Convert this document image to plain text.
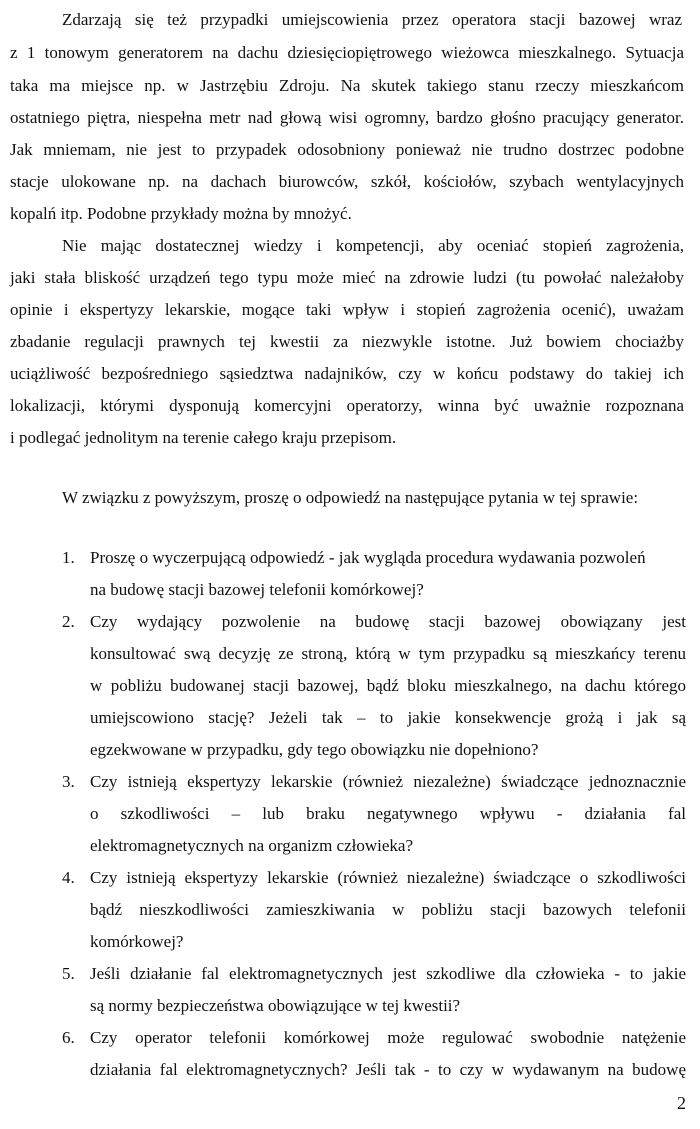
Zdarzają się też przypadki umiejscowienia przez operatora stacji bazowej wraz
z 1 tonowym generatorem na dachu dziesięciopiętrowego wieżowca mieszkalnego. Sytuacja
taka ma miejsce np. w Jastrzębiu Zdroju. Na skutek takiego stanu rzeczy mieszkańcom
ostatniego piętra, niespełna metr nad głową wisi ogromny, bardzo głośno pracujący generator.
Jak mniemam, nie jest to przypadek odosobniony ponieważ nie trudno dostrzec podobne
stacje ulokowane np. na dachach biurowców, szkół, kościołów, szybach wentylacyjnych
kopalń itp. Podobne przykłady można by mnożyć.
Nie mając dostatecznej wiedzy i kompetencji, aby oceniać stopień zagrożenia,
jaki stała bliskość urządzeń tego typu może mieć na zdrowie ludzi (tu powołać należałoby
opinie i ekspertyzy lekarskie, mogące taki wpływ i stopień zagrożenia ocenić), uważam
zbadanie regulacji prawnych tej kwestii za niezwykle istotne. Już bowiem chociażby
uciążliwość bezpośredniego sąsiedztwa nadajników, czy w końcu podstawy do takiej ich
lokalizacji, którymi dysponują komercyjni operatorzy, winna być uważnie rozpoznana
i podlegać jednolitym na terenie całego kraju przepisom.
W związku z powyższym, proszę o odpowiedź na następujące pytania w tej sprawie:
1. Proszę o wyczerpującą odpowiedź - jak wygląda procedura wydawania pozwoleń
na budowę stacji bazowej telefonii komórkowej?
2. Czy wydający pozwolenie na budowę stacji bazowej obowiązany jest
konsultować swą decyzję ze stroną, którą w tym przypadku są mieszkańcy terenu
w pobliżu budowanej stacji bazowej, bądź bloku mieszkalnego, na dachu którego
umiejscowiono stację? Jeżeli tak – to jakie konsekwencje grożą i jak są
egzekwowane w przypadku, gdy tego obowiązku nie dopełniono?
3. Czy istnieją ekspertyzy lekarskie (również niezależne) świadczące jednoznacznie
o szkodliwości – lub braku negatywnego wpływu - działania fal
elektromagnetycznych na organizm człowieka?
4. Czy istnieją ekspertyzy lekarskie (również niezależne) świadczące o szkodliwości
bądź nieszkodliwości zamieszkiwania w pobliżu stacji bazowych telefonii
komórkowej?
5. Jeśli działanie fal elektromagnetycznych jest szkodliwe dla człowieka - to jakie
są normy bezpieczeństwa obowiązujące w tej kwestii?
6. Czy operator telefonii komórkowej może regulować swobodnie natężenie
działania fal elektromagnetycznych? Jeśli tak - to czy w wydawanym na budowę
2
